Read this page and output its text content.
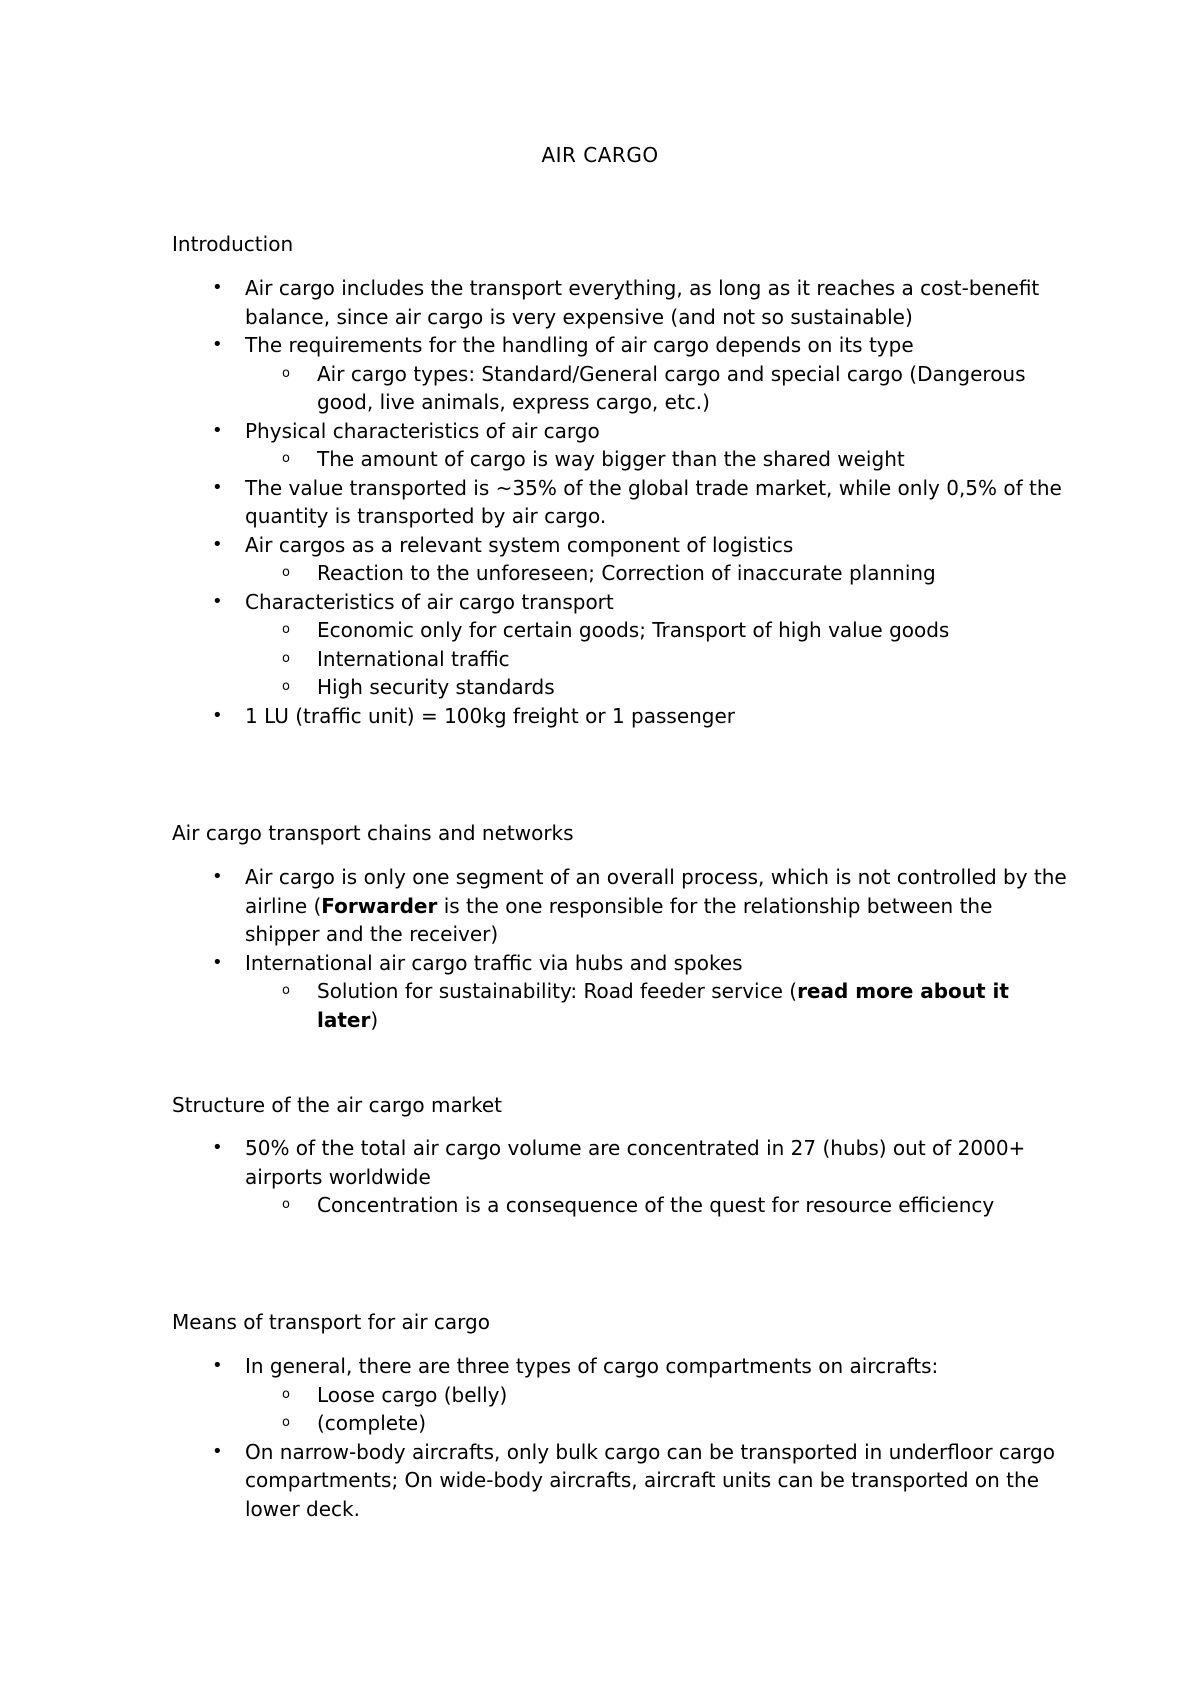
AIR CARGO
Introduction
• Air cargo includes the transport everything, as long as it reaches a cost-benefit balance, since air cargo is very expensive (and not so sustainable)
• The requirements for the handling of air cargo depends on its type
o Air cargo types: Standard/General cargo and special cargo (Dangerous good, live animals, express cargo, etc.)
• Physical characteristics of air cargo
o The amount of cargo is way bigger than the shared weight
• The value transported is ~35% of the global trade market, while only 0,5% of the quantity is transported by air cargo.
• Air cargos as a relevant system component of logistics
o Reaction to the unforeseen; Correction of inaccurate planning
• Characteristics of air cargo transport
o Economic only for certain goods; Transport of high value goods
o International traffic
o High security standards
• 1 LU (traffic unit) = 100kg freight or 1 passenger
Air cargo transport chains and networks
• Air cargo is only one segment of an overall process, which is not controlled by the airline (Forwarder is the one responsible for the relationship between the shipper and the receiver)
• International air cargo traffic via hubs and spokes
o Solution for sustainability: Road feeder service (read more about it later)
Structure of the air cargo market
• 50% of the total air cargo volume are concentrated in 27 (hubs) out of 2000+ airports worldwide
o Concentration is a consequence of the quest for resource efficiency
Means of transport for air cargo
• In general, there are three types of cargo compartments on aircrafts:
o Loose cargo (belly)
o (complete)
• On narrow-body aircrafts, only bulk cargo can be transported in underfloor cargo compartments; On wide-body aircrafts, aircraft units can be transported on the lower deck.
